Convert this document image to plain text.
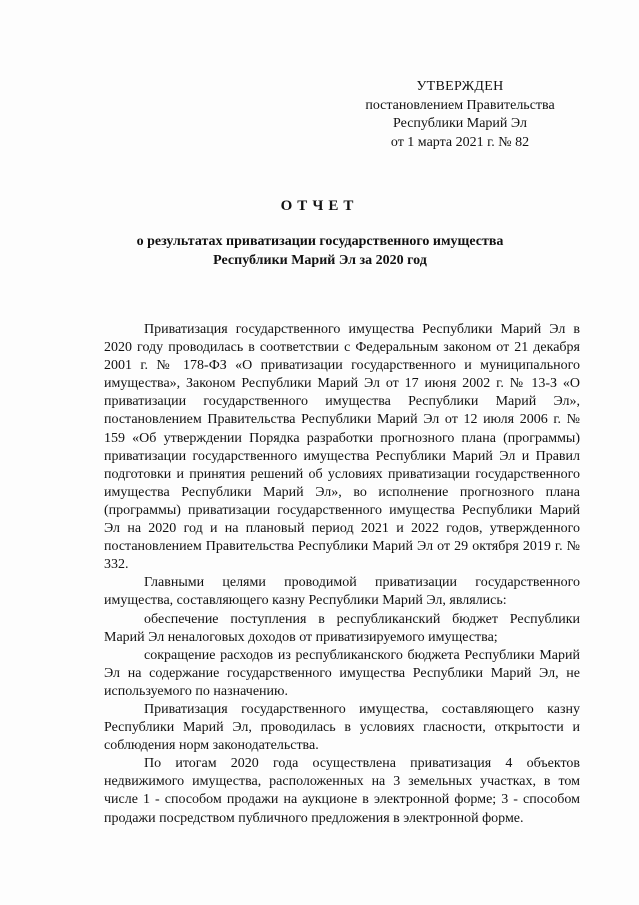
УТВЕРЖДЕН
постановлением Правительства
Республики Марий Эл
от 1 марта 2021 г. № 82
ОТЧЕТ
о результатах приватизации государственного имущества
Республики Марий Эл за 2020 год

Приватизация государственного имущества Республики Марий Эл в 2020 году проводилась в соответствии с Федеральным законом от 21 декабря 2001 г. № 178-ФЗ «О приватизации государственного и муниципального имущества», Законом Республики Марий Эл от 17 июня 2002 г. № 13-З «О приватизации государственного имущества Республики Марий Эл», постановлением Правительства Республики Марий Эл от 12 июля 2006 г. № 159 «Об утверждении Порядка разработки прогнозного плана (программы) приватизации государственного имущества Республики Марий Эл и Правил подготовки и принятия решений об условиях приватизации государственного имущества Республики Марий Эл», во исполнение прогнозного плана (программы) приватизации государственного имущества Республики Марий Эл на 2020 год и на плановый период 2021 и 2022 годов, утвержденного постановлением Правительства Республики Марий Эл от 29 октября 2019 г. № 332.

Главными целями проводимой приватизации государственного имущества, составляющего казну Республики Марий Эл, являлись:

обеспечение поступления в республиканский бюджет Республики Марий Эл неналоговых доходов от приватизируемого имущества;

сокращение расходов из республиканского бюджета Республики Марий Эл на содержание государственного имущества Республики Марий Эл, не используемого по назначению.

Приватизация государственного имущества, составляющего казну Республики Марий Эл, проводилась в условиях гласности, открытости и соблюдения норм законодательства.

По итогам 2020 года осуществлена приватизация 4 объектов недвижимого имущества, расположенных на 3 земельных участках, в том числе 1 - способом продажи на аукционе в электронной форме; 3 - способом продажи посредством публичного предложения в электронной форме.
